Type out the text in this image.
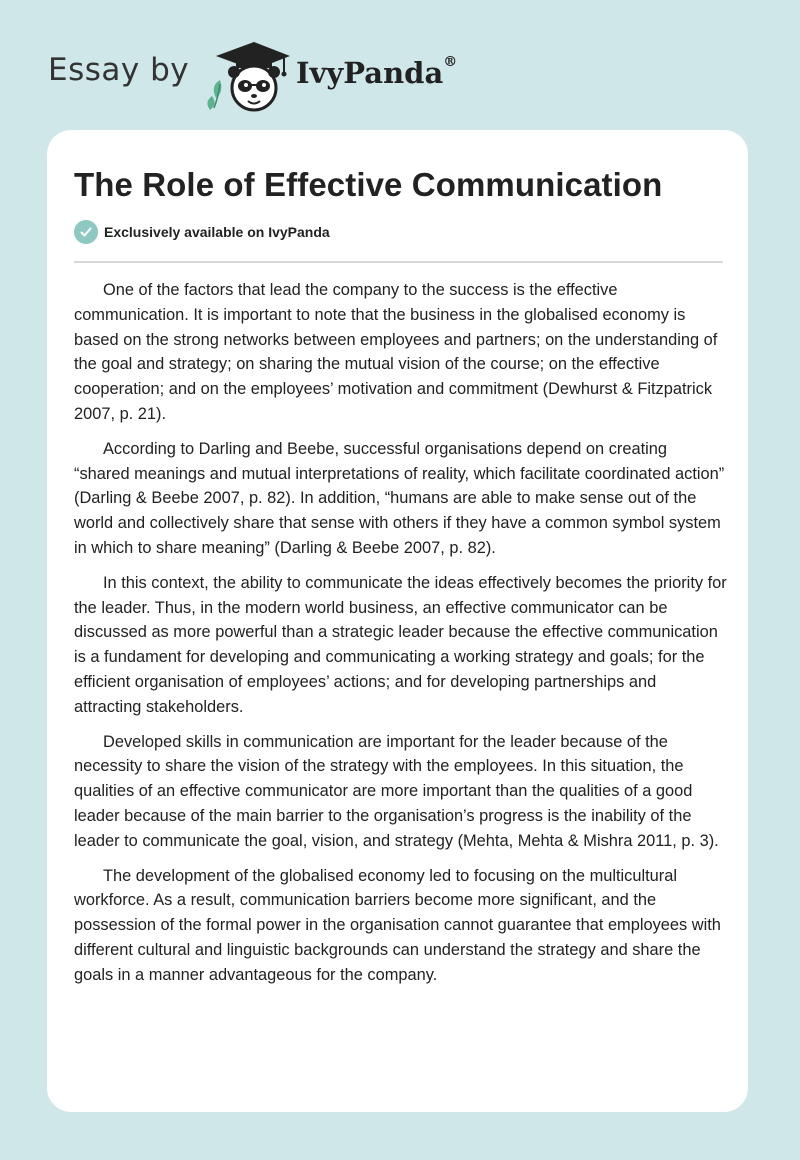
Essay by	IvyPanda®
The Role of Effective Communication
Exclusively available on IvyPanda

One of the factors that lead the company to the success is the effective communication. It is important to note that the business in the globalised economy is based on the strong networks between employees and partners; on the understanding of the goal and strategy; on sharing the mutual vision of the course; on the effective cooperation; and on the employees’ motivation and commitment (Dewhurst & Fitzpatrick 2007, p. 21).

According to Darling and Beebe, successful organisations depend on creating “shared meanings and mutual interpretations of reality, which facilitate coordinated action” (Darling & Beebe 2007, p. 82). In addition, “humans are able to make sense out of the world and collectively share that sense with others if they have a common symbol system in which to share meaning” (Darling & Beebe 2007, p. 82).

In this context, the ability to communicate the ideas effectively becomes the priority for the leader. Thus, in the modern world business, an effective communicator can be discussed as more powerful than a strategic leader because the effective communication is a fundament for developing and communicating a working strategy and goals; for the efficient organisation of employees’ actions; and for developing partnerships and attracting stakeholders.

Developed skills in communication are important for the leader because of the necessity to share the vision of the strategy with the employees. In this situation, the qualities of an effective communicator are more important than the qualities of a good leader because of the main barrier to the organisation’s progress is the inability of the leader to communicate the goal, vision, and strategy (Mehta, Mehta & Mishra 2011, p. 3).

The development of the globalised economy led to focusing on the multicultural workforce. As a result, communication barriers become more significant, and the possession of the formal power in the organisation cannot guarantee that employees with different cultural and linguistic backgrounds can understand the strategy and share the goals in a manner advantageous for the company.
